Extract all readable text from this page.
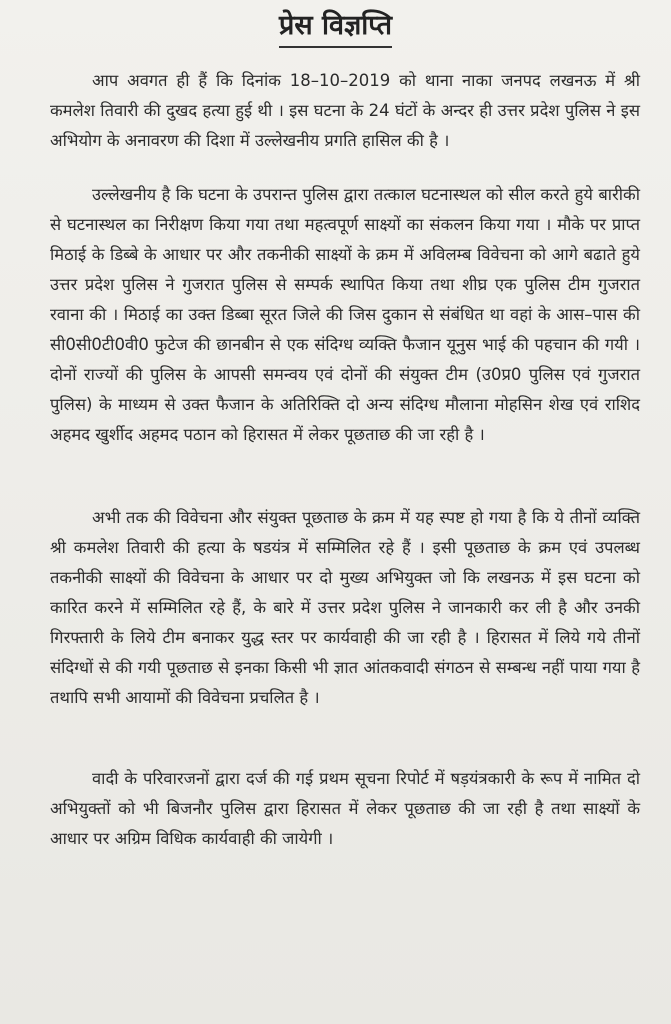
प्रेस विज्ञप्ति

आप अवगत ही हैं कि दिनांक 18–10–2019 को थाना नाका जनपद लखनऊ में श्री कमलेश तिवारी की दुखद हत्या हुई थी । इस घटना के 24 घंटों के अन्दर ही उत्तर प्रदेश पुलिस ने इस अभियोग के अनावरण की दिशा में उल्लेखनीय प्रगति हासिल की है ।

उल्लेखनीय है कि घटना के उपरान्त पुलिस द्वारा तत्काल घटनास्थल को सील करते हुये बारीकी से घटनास्थल का निरीक्षण किया गया तथा महत्वपूर्ण साक्ष्यों का संकलन किया गया । मौके पर प्राप्त मिठाई के डिब्बे के आधार पर और तकनीकी साक्ष्यों के क्रम में अविलम्ब विवेचना को आगे बढाते हुये उत्तर प्रदेश पुलिस ने गुजरात पुलिस से सम्पर्क स्थापित किया तथा शीघ्र एक पुलिस टीम गुजरात रवाना की । मिठाई का उक्त डिब्बा सूरत जिले की जिस दुकान से संबंधित था वहां के आस–पास की सी0सी0टी0वी0 फुटेज की छानबीन से एक संदिग्ध व्यक्ति फैजान यूनुस भाई की पहचान की गयी । दोनों राज्यों की पुलिस के आपसी समन्वय एवं दोनों की संयुक्त टीम (उ0प्र0 पुलिस एवं गुजरात पुलिस) के माध्यम से उक्त फैजान के अतिरिक्ति दो अन्य संदिग्ध मौलाना मोहसिन शेख एवं राशिद अहमद खुर्शीद अहमद पठान को हिरासत में लेकर पूछताछ की जा रही है ।

अभी तक की विवेचना और संयुक्त पूछताछ के क्रम में यह स्पष्ट हो गया है कि ये तीनों व्यक्ति श्री कमलेश तिवारी की हत्या के षडयंत्र में सम्मिलित रहे हैं । इसी पूछताछ के क्रम एवं उपलब्ध तकनीकी साक्ष्यों की विवेचना के आधार पर दो मुख्य अभियुक्त जो कि लखनऊ में इस घटना को कारित करने में सम्मिलित रहे हैं, के बारे में उत्तर प्रदेश पुलिस ने जानकारी कर ली है और उनकी गिरफ्तारी के लिये टीम बनाकर युद्ध स्तर पर कार्यवाही की जा रही है । हिरासत में लिये गये तीनों संदिग्धों से की गयी पूछताछ से इनका किसी भी ज्ञात आंतकवादी संगठन से सम्बन्ध नहीं पाया गया है तथापि सभी आयामों की विवेचना प्रचलित है ।

वादी के परिवारजनों द्वारा दर्ज की गई प्रथम सूचना रिपोर्ट में षड़यंत्रकारी के रूप में नामित दो अभियुक्तों को भी बिजनौर पुलिस द्वारा हिरासत में लेकर पूछताछ की जा रही है तथा साक्ष्यों के आधार पर अग्रिम विधिक कार्यवाही की जायेगी ।
